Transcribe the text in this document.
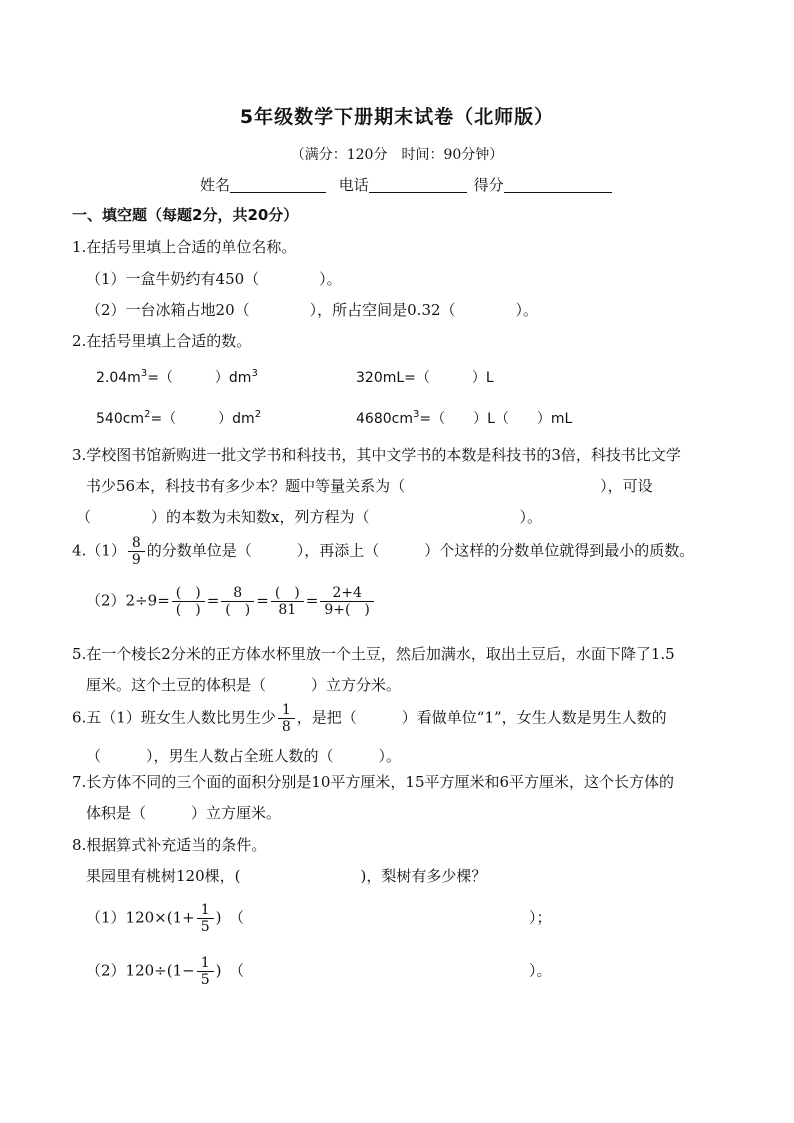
5年级数学下册期末试卷（北师版）
（满分：120分　时间：90分钟）
姓名	电话	得分
一、填空题（每题2分，共20分）
1.在括号里填上合适的单位名称。
（1）一盒牛奶约有450（　　　　）。
（2）一台冰箱占地20（　　　　），所占空间是0.32（　　　　）。
2.在括号里填上合适的数。
$2.04m^3=$（　　　）$dm^3$	320mL=（　　　）L
$540cm^2=$（　　　）$dm^2$	$4680cm^3=$（　　）L（　　）mL
3.学校图书馆新购进一批文学书和科技书，其中文学书的本数是科技书的3倍，科技书比文学
书少56本，科技书有多少本？题中等量关系为（　　　　　　　　　　　　　），可设
（　　　　）的本数为未知数x，列方程为（　　　　　　　　　　）。
$4.(1) \frac{8}{9}$ 的分数单位是（　　　），再添上（　　　）个这样的分数单位就得到最小的质数。
$(2)2\div 9= \frac{( )}{( )} = \frac{8}{( )} = \frac{( )}{81} = \frac{2+4}{9+( )}$
5.在一个棱长2分米的正方体水杯里放一个土豆，然后加满水，取出土豆后，水面下降了1.5
厘米。这个土豆的体积是（　　　）立方分米。
6.五（1）班女生人数比男生少 $\frac{1}{8}$ ，是把（　　　）看做单位“1”，女生人数是男生人数的
（　　　），男生人数占全班人数的（　　　）。
7.长方体不同的三个面的面积分别是10平方厘米，15平方厘米和6平方厘米，这个长方体的
体积是（　　　）立方厘米。
8.根据算式补充适当的条件。
果园里有桃树120棵，(　　　　　　　　)，梨树有多少棵？
$(1)120\times(1+ \frac{1}{5}$ )　（　　　　　　　　　　　　　　　　　　　）；
$(2)120\div(1- \frac{1}{5}$ )　（　　　　　　　　　　　　　　　　　　　）。
